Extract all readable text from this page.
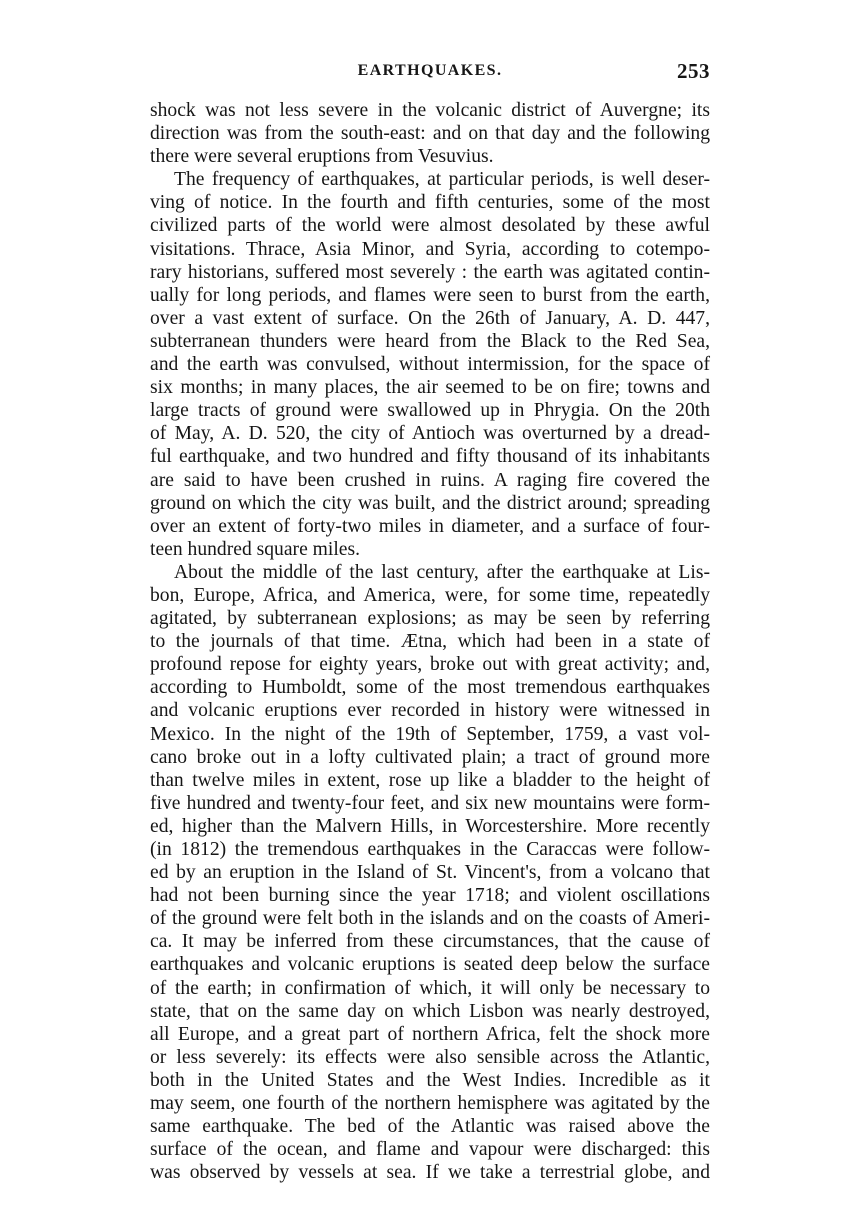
EARTHQUAKES.	253
shock was not less severe in the volcanic district of Auvergne; its
direction was from the south-east: and on that day and the following
there were several eruptions from Vesuvius.
The frequency of earthquakes, at particular periods, is well deser-
ving of notice. In the fourth and fifth centuries, some of the most
civilized parts of the world were almost desolated by these awful
visitations. Thrace, Asia Minor, and Syria, according to cotempo-
rary historians, suffered most severely : the earth was agitated contin-
ually for long periods, and flames were seen to burst from the earth,
over a vast extent of surface. On the 26th of January, A. D. 447,
subterranean thunders were heard from the Black to the Red Sea,
and the earth was convulsed, without intermission, for the space of
six months; in many places, the air seemed to be on fire; towns and
large tracts of ground were swallowed up in Phrygia. On the 20th
of May, A. D. 520, the city of Antioch was overturned by a dread-
ful earthquake, and two hundred and fifty thousand of its inhabitants
are said to have been crushed in ruins. A raging fire covered the
ground on which the city was built, and the district around; spreading
over an extent of forty-two miles in diameter, and a surface of four-
teen hundred square miles.
About the middle of the last century, after the earthquake at Lis-
bon, Europe, Africa, and America, were, for some time, repeatedly
agitated, by subterranean explosions; as may be seen by referring
to the journals of that time. Ætna, which had been in a state of
profound repose for eighty years, broke out with great activity; and,
according to Humboldt, some of the most tremendous earthquakes
and volcanic eruptions ever recorded in history were witnessed in
Mexico. In the night of the 19th of September, 1759, a vast vol-
cano broke out in a lofty cultivated plain; a tract of ground more
than twelve miles in extent, rose up like a bladder to the height of
five hundred and twenty-four feet, and six new mountains were form-
ed, higher than the Malvern Hills, in Worcestershire. More recently
(in 1812) the tremendous earthquakes in the Caraccas were follow-
ed by an eruption in the Island of St. Vincent's, from a volcano that
had not been burning since the year 1718; and violent oscillations
of the ground were felt both in the islands and on the coasts of Ameri-
ca. It may be inferred from these circumstances, that the cause of
earthquakes and volcanic eruptions is seated deep below the surface
of the earth; in confirmation of which, it will only be necessary to
state, that on the same day on which Lisbon was nearly destroyed,
all Europe, and a great part of northern Africa, felt the shock more
or less severely: its effects were also sensible across the Atlantic,
both in the United States and the West Indies. Incredible as it
may seem, one fourth of the northern hemisphere was agitated by the
same earthquake. The bed of the Atlantic was raised above the
surface of the ocean, and flame and vapour were discharged: this
was observed by vessels at sea. If we take a terrestrial globe, and
